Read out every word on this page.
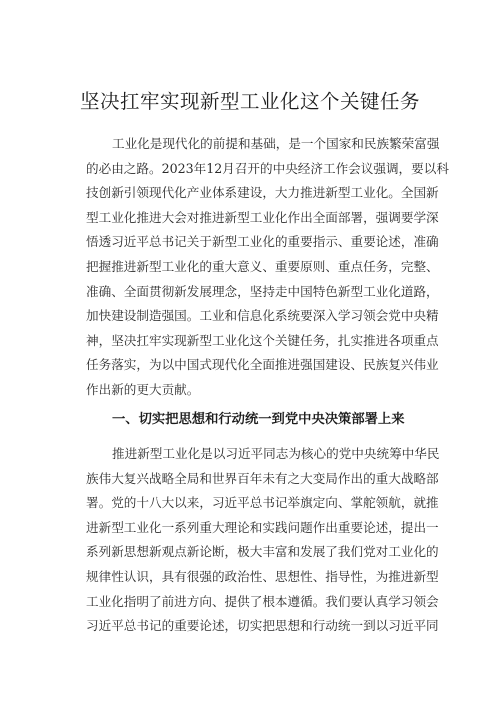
坚决扛牢实现新型工业化这个关键任务
工业化是现代化的前提和基础，是一个国家和民族繁荣富强
的必由之路。2023年12月召开的中央经济工作会议强调，要以科
技创新引领现代化产业体系建设，大力推进新型工业化。全国新
型工业化推进大会对推进新型工业化作出全面部署，强调要学深
悟透习近平总书记关于新型工业化的重要指示、重要论述，准确
把握推进新型工业化的重大意义、重要原则、重点任务，完整、
准确、全面贯彻新发展理念，坚持走中国特色新型工业化道路，
加快建设制造强国。工业和信息化系统要深入学习领会党中央精
神，坚决扛牢实现新型工业化这个关键任务，扎实推进各项重点
任务落实，为以中国式现代化全面推进强国建设、民族复兴伟业
作出新的更大贡献。
一、切实把思想和行动统一到党中央决策部署上来
推进新型工业化是以习近平同志为核心的党中央统筹中华民
族伟大复兴战略全局和世界百年未有之大变局作出的重大战略部
署。党的十八大以来，习近平总书记举旗定向、掌舵领航，就推
进新型工业化一系列重大理论和实践问题作出重要论述，提出一
系列新思想新观点新论断，极大丰富和发展了我们党对工业化的
规律性认识，具有很强的政治性、思想性、指导性，为推进新型
工业化指明了前进方向、提供了根本遵循。我们要认真学习领会
习近平总书记的重要论述，切实把思想和行动统一到以习近平同
